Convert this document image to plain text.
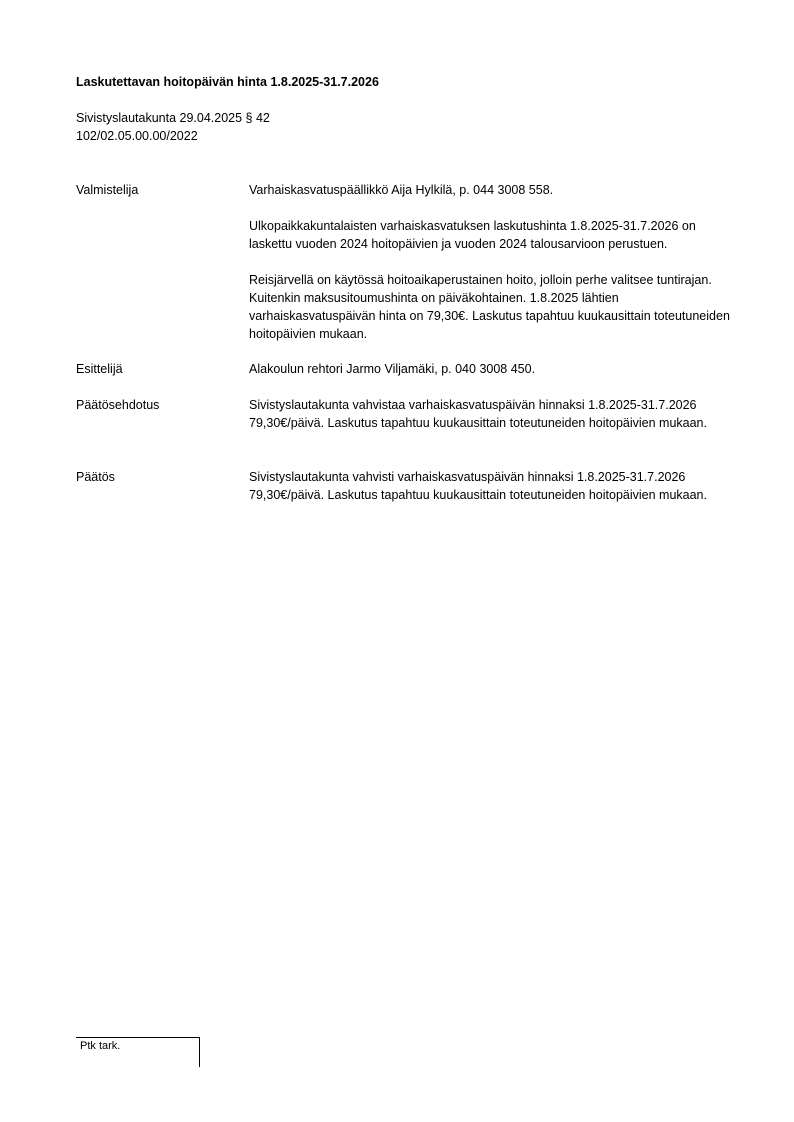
Laskutettavan hoitopäivän hinta 1.8.2025-31.7.2026
Sivistyslautakunta 29.04.2025 § 42
102/02.05.00.00/2022
Valmistelija	Varhaiskasvatuspäällikkö Aija Hylkilä, p. 044 3008 558.

Ulkopaikkakuntalaisten varhaiskasvatuksen laskutushinta 1.8.2025-31.7.2026 on laskettu vuoden 2024 hoitopäivien ja vuoden 2024 talousarvioon perustuen.

Reisjärvellä on käytössä hoitoaikaperustainen hoito, jolloin perhe valitsee tuntirajan. Kuitenkin maksusitoumushinta on päiväkohtainen. 1.8.2025 lähtien varhaiskasvatuspäivän hinta on 79,30€. Laskutus tapahtuu kuukausittain toteutuneiden hoitopäivien mukaan.

Esittelijä	Alakoulun rehtori Jarmo Viljamäki, p. 040 3008 450.

Päätösehdotus	Sivistyslautakunta vahvistaa varhaiskasvatuspäivän hinnaksi 1.8.2025-31.7.2026 79,30€/päivä. Laskutus tapahtuu kuukausittain toteutuneiden hoitopäivien mukaan.

Päätös	Sivistyslautakunta vahvisti varhaiskasvatuspäivän hinnaksi 1.8.2025-31.7.2026 79,30€/päivä. Laskutus tapahtuu kuukausittain toteutuneiden hoitopäivien mukaan.

Ptk tark.
